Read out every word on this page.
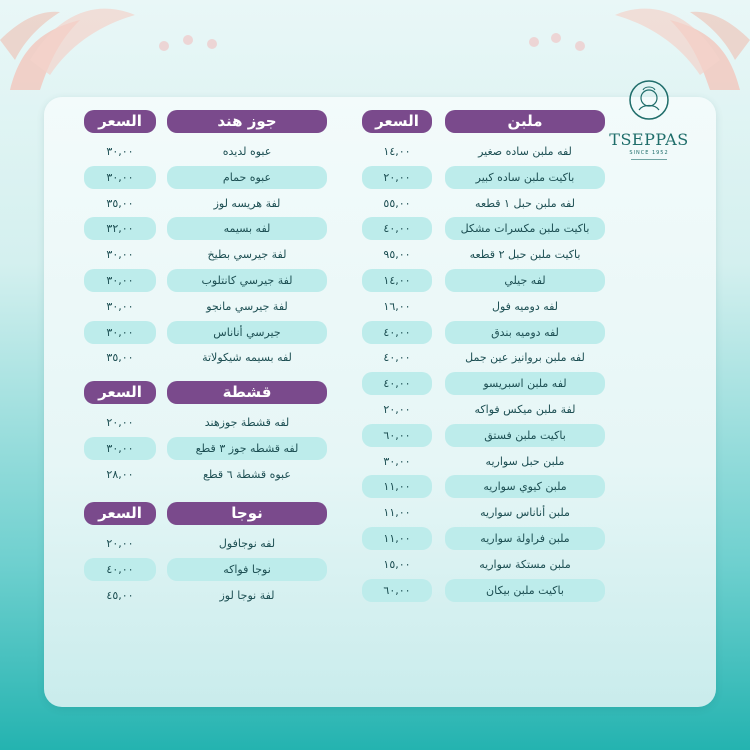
TSEPPAS
SINCE 1952
السعر	ملبن
١٤,٠٠	لفه ملبن ساده صغير
٢٠,٠٠	باكيت ملبن ساده كبير
٥٥,٠٠	لفه ملبن حبل ١ قطعه
٤٠,٠٠	باكيت ملبن مكسرات مشكل
٩٥,٠٠	باكيت ملبن حبل ٢ قطعه
١٤,٠٠	لفه جيلي
١٦,٠٠	لفه دوميه فول
٤٠,٠٠	لفه دوميه بندق
٤٠,٠٠	لفه ملبن بروانيز عين جمل
٤٠,٠٠	لفه ملبن اسبريسو
٢٠,٠٠	لفة ملبن ميكس فواكه
٦٠,٠٠	باكيت ملبن فستق
٣٠,٠٠	ملبن حبل سواريه
١١,٠٠	ملبن كيوي سواريه
١١,٠٠	ملبن أناناس سواريه
١١,٠٠	ملبن فراولة سواريه
١٥,٠٠	ملبن مستكة سواريه
٦٠,٠٠	باكيت ملبن بيكان
السعر	جوز هند
٣٠,٠٠	عبوه لديده
٣٠,٠٠	عبوه حمام
٣٥,٠٠	لفة هريسه لوز
٣٢,٠٠	لفه بسيمه
٣٠,٠٠	لفة جيرسي بطيخ
٣٠,٠٠	لفة جيرسي كانتلوب
٣٠,٠٠	لفة جيرسي مانجو
٣٠,٠٠	جيرسي أناناس
٣٥,٠٠	لفه بسيمه شيكولاتة
السعر	قشطة
٢٠,٠٠	لفه قشطة جوزهند
٣٠,٠٠	لفه قشطه جوز ٣ قطع
٢٨,٠٠	عبوه قشطة ٦ قطع
السعر	نوجا
٢٠,٠٠	لفه نوجافول
٤٠,٠٠	نوجا فواكه
٤٥,٠٠	لفة نوجا لوز
